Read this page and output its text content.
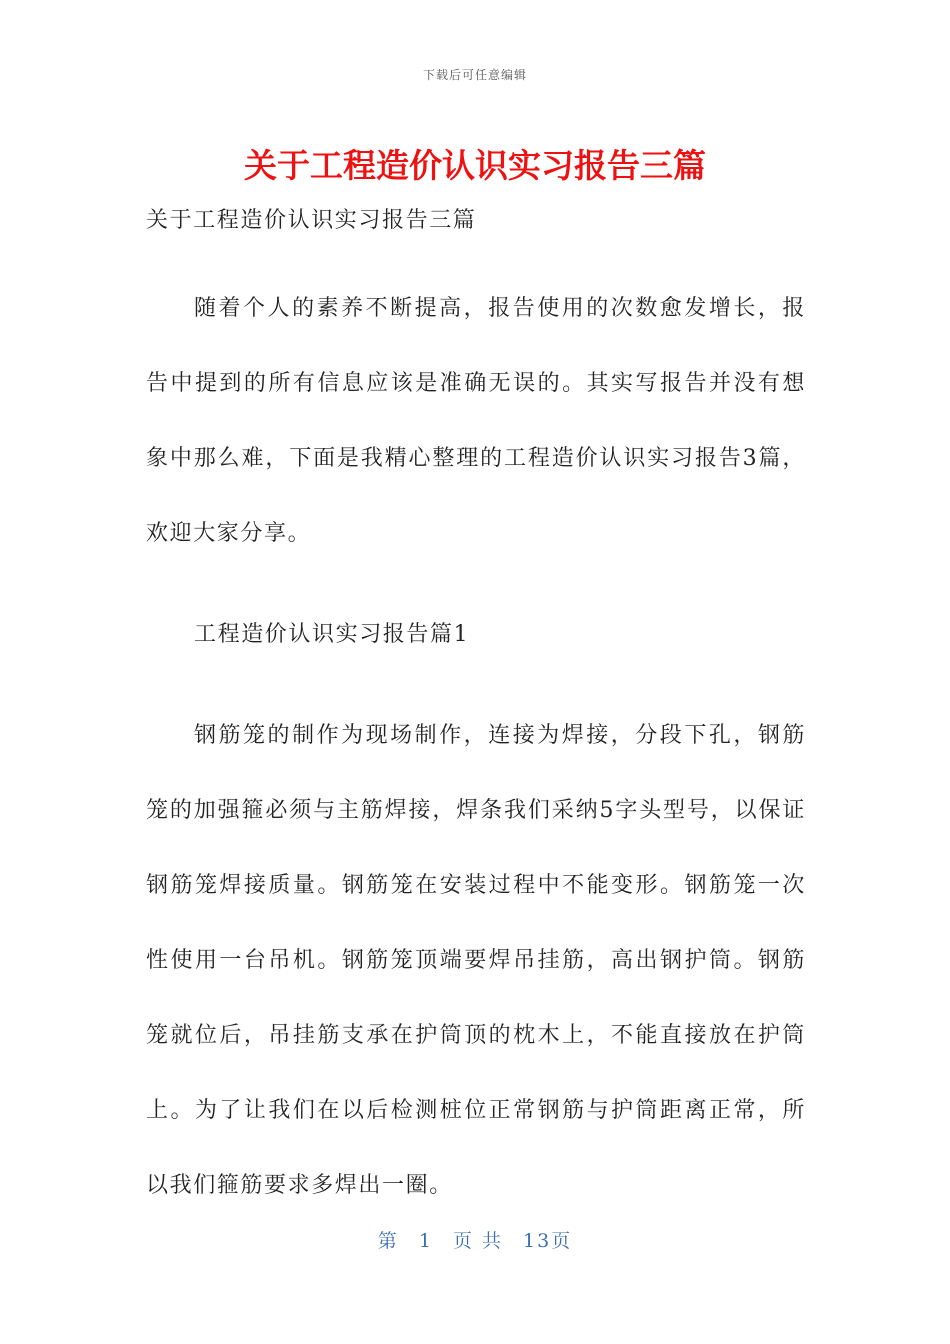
下载后可任意编辑
关于工程造价认识实习报告三篇

关于工程造价认识实习报告三篇

随着个人的素养不断提高，报告使用的次数愈发增长，报告中提到的所有信息应该是准确无误的。其实写报告并没有想象中那么难，下面是我精心整理的工程造价认识实习报告3篇，欢迎大家分享。

工程造价认识实习报告篇1

钢筋笼的制作为现场制作，连接为焊接，分段下孔，钢筋笼的加强箍必须与主筋焊接，焊条我们采纳5字头型号，以保证钢筋笼焊接质量。钢筋笼在安装过程中不能变形。钢筋笼一次性使用一台吊机。钢筋笼顶端要焊吊挂筋，高出钢护筒。钢筋笼就位后，吊挂筋支承在护筒顶的枕木上，不能直接放在护筒上。为了让我们在以后检测桩位正常钢筋与护筒距离正常，所以我们箍筋要求多焊出一圈。

第 1 页 共 13页
